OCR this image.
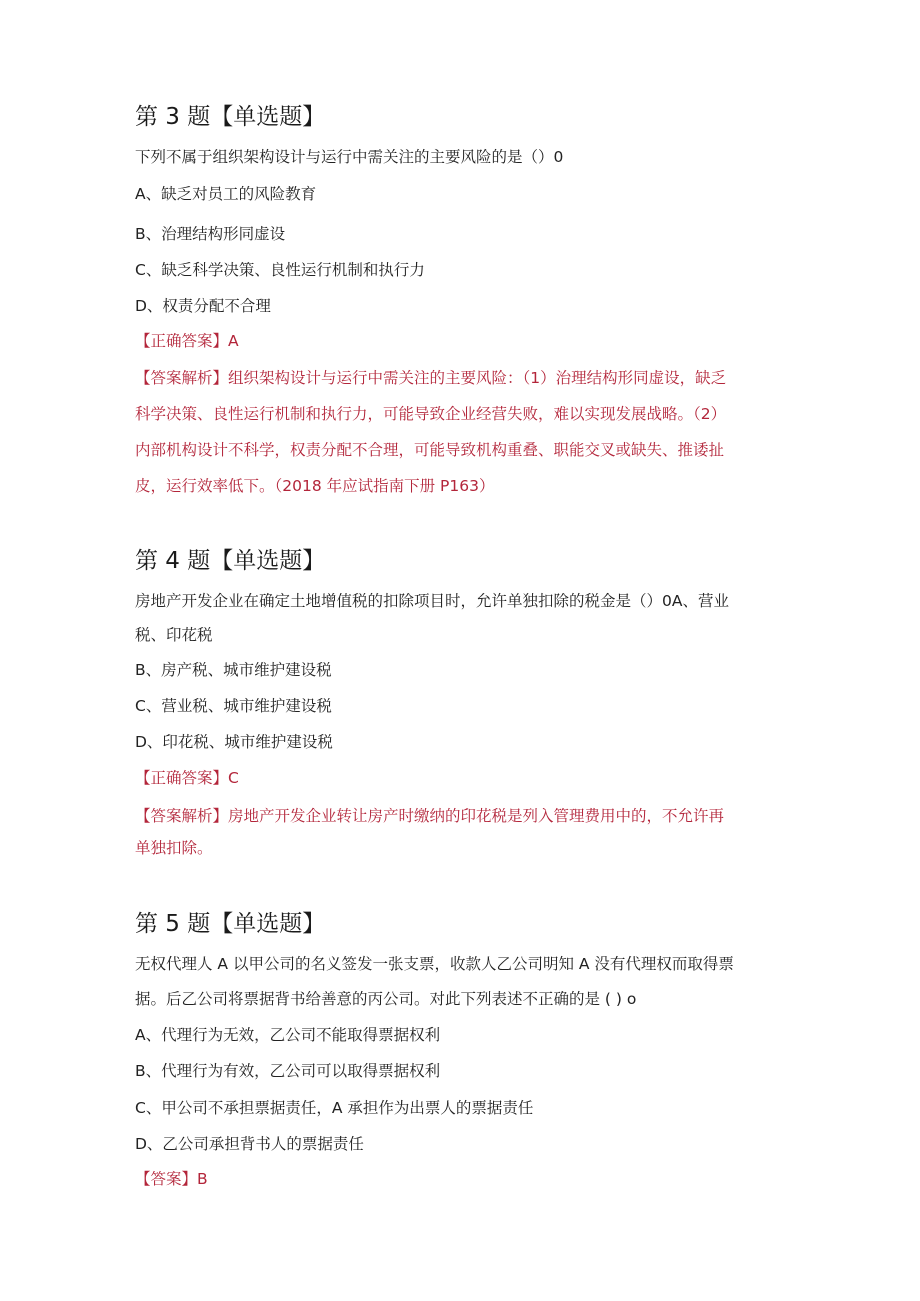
第 3 题【单选题】
下列不属于组织架构设计与运行中需关注的主要风险的是（）0
A、缺乏对员工的风险教育
B、治理结构形同虚设
C、缺乏科学决策、良性运行机制和执行力
D、权责分配不合理
【正确答案】A
【答案解析】组织架构设计与运行中需关注的主要风险：（1）治理结构形同虚设，缺乏
科学决策、良性运行机制和执行力，可能导致企业经营失败，难以实现发展战略。（2）
内部机构设计不科学，权责分配不合理，可能导致机构重叠、职能交叉或缺失、推诿扯
皮，运行效率低下。（2018 年应试指南下册 P163）
第 4 题【单选题】
房地产开发企业在确定土地增值税的扣除项目时，允许单独扣除的税金是（）0A、营业
税、印花税
B、房产税、城市维护建设税
C、营业税、城市维护建设税
D、印花税、城市维护建设税
【正确答案】C
【答案解析】房地产开发企业转让房产时缴纳的印花税是列入管理费用中的，不允许再
单独扣除。
第 5 题【单选题】
无权代理人 A 以甲公司的名义签发一张支票，收款人乙公司明知 A 没有代理权而取得票
据。后乙公司将票据背书给善意的丙公司。对此下列表述不正确的是 ( ) o
A、代理行为无效，乙公司不能取得票据权利
B、代理行为有效，乙公司可以取得票据权利
C、甲公司不承担票据责任，A 承担作为出票人的票据责任
D、乙公司承担背书人的票据责任
【答案】B
